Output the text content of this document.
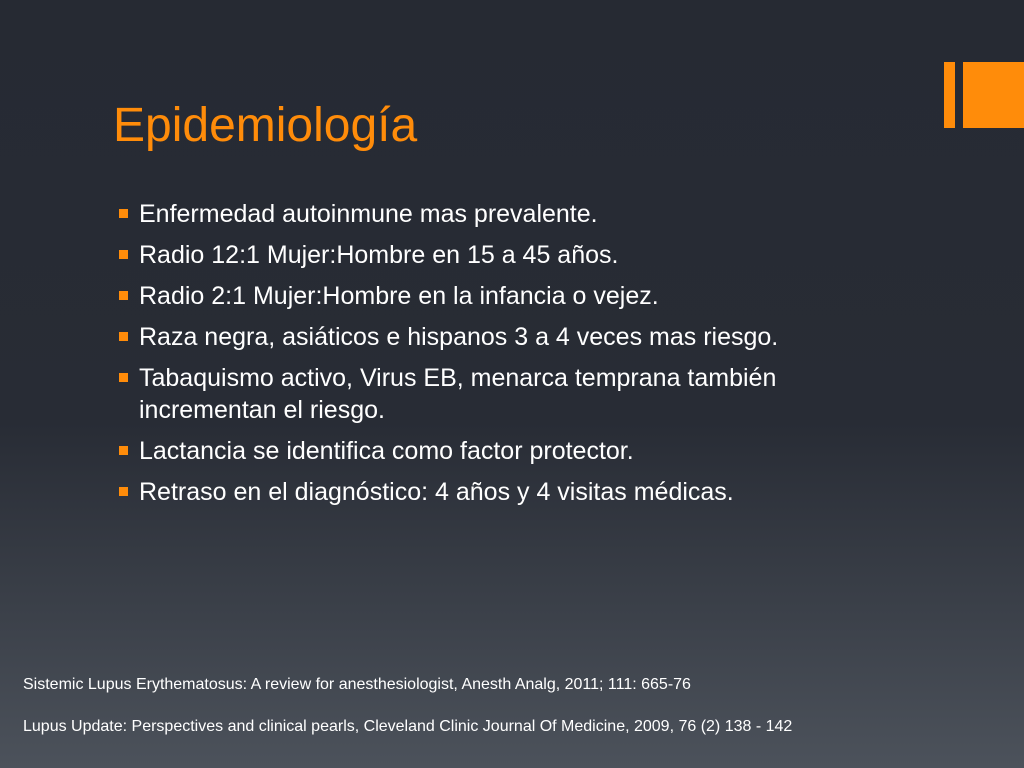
Epidemiología
Enfermedad autoinmune mas prevalente.
Radio 12:1 Mujer:Hombre en 15 a 45 años.
Radio 2:1 Mujer:Hombre en la infancia o vejez.
Raza negra, asiáticos e hispanos 3 a 4 veces mas riesgo.
Tabaquismo activo, Virus EB, menarca temprana también incrementan el riesgo.
Lactancia se identifica como factor protector.
Retraso en el diagnóstico: 4 años y 4 visitas médicas.

Sistemic Lupus Erythematosus: A review for anesthesiologist, Anesth Analg, 2011; 111: 665-76

Lupus Update: Perspectives and clinical pearls, Cleveland Clinic Journal Of Medicine, 2009, 76 (2) 138 - 142
